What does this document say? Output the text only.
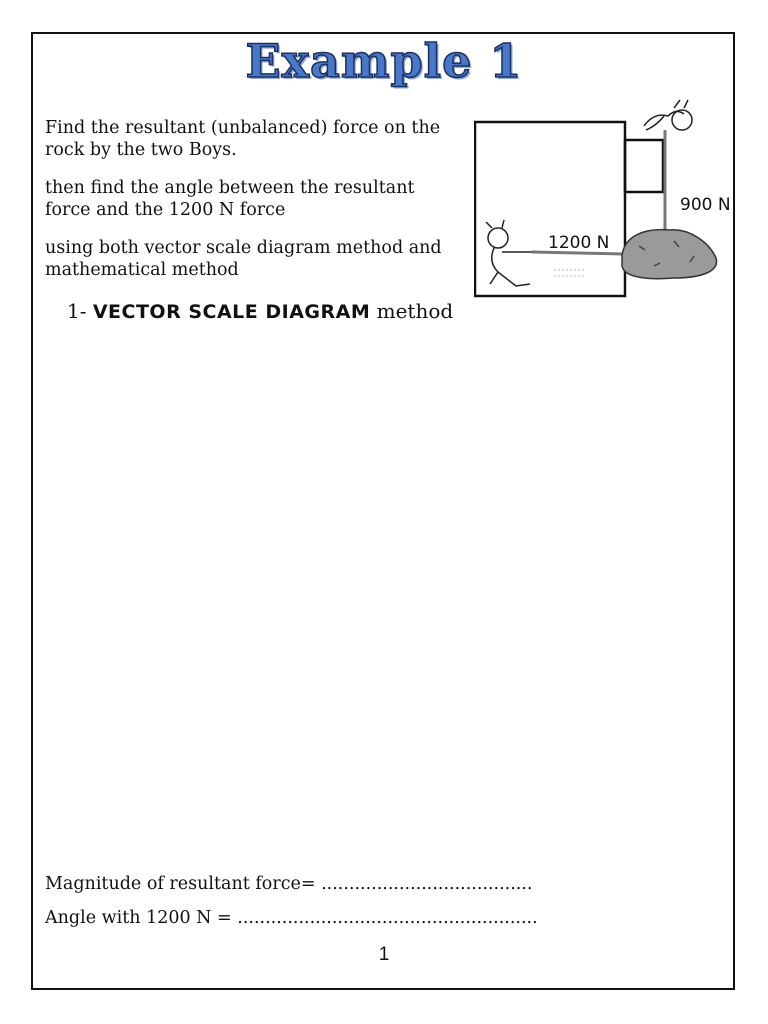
Example 1
Find the resultant (unbalanced) force on the rock by the two Boys.
then find the angle between the resultant force and the 1200 N force
using both vector scale diagram method and mathematical method
1- VECTOR SCALE DIAGRAM method
1200 N
900 N
Magnitude of resultant force= ......................................
Angle with 1200 N = ......................................................
1
